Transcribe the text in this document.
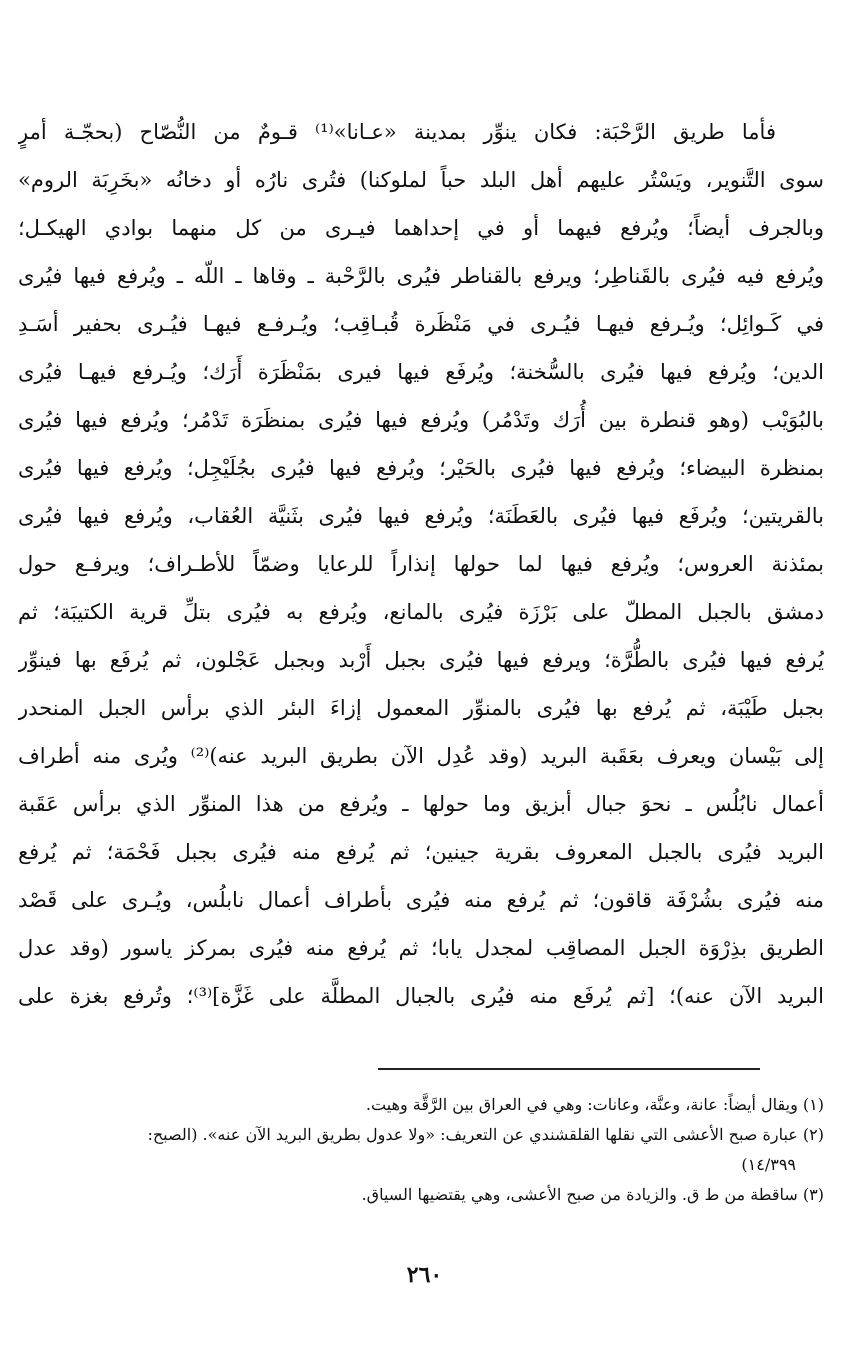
فأما طريق الرَّحْبَة: فكان ينوِّر بمدينة «عـانا»⁽¹⁾ قـومٌ من النُّصّاح (بحجّـة أمرٍ
سوى التَّنوير، ويَسْتُر عليهم أهل البلد حباً لملوكنا) فتُرى نارُه أو دخانُه «بخَرِبَة الروم»
وبالجرف أيضاً؛ ويُرفع فيهما أو في إحداهما فيـرى من كل منهما بوادي الهيكـل؛
ويُرفع فيه فيُرى بالقَناطِر؛ ويرفع بالقناطر فيُرى بالرَّحْبة ـ وقاها ـ اللّه ـ ويُرفع فيها فيُرى
في كَـوائِل؛ ويُـرفع فيهـا فيُـرى في مَنْظَرة قُبـاقِب؛ ويُـرفـع فيهـا فيُـرى بحفير أسَـدِ
الدين؛ ويُرفع فيها فيُرى بالسُّخنة؛ ويُرفَع فيها فيرى بمَنْظَرَة أَرَك؛ ويُـرفع فيهـا فيُرى
بالبُوَيْب (وهو قنطرة بين أُرَك وتَدْمُر) ويُرفع فيها فيُرى بمنظَرَة تَدْمُر؛ ويُرفع فيها فيُرى
بمنظرة البيضاء؛ ويُرفع فيها فيُرى بالحَيْر؛ ويُرفع فيها فيُرى بجُلَيْجِل؛ ويُرفع فيها فيُرى
بالقريتين؛ ويُرفَع فيها فيُرى بالعَطَنَة؛ ويُرفع فيها فيُرى بثَنيَّة العُقاب، ويُرفع فيها فيُرى
بمئذنة العروس؛ ويُرفع فيها لما حولها إنذاراً للرعايا وضمّاً للأطـراف؛ ويرفـع حول
دمشق بالجبل المطلّ على بَرْزَة فيُرى بالمانع، ويُرفع به فيُرى بتلِّ قرية الكتيبَة؛ ثم
يُرفع فيها فيُرى بالطُّرَّة؛ ويرفع فيها فيُرى بجبل أَرْبد وبجبل عَجْلون، ثم يُرفَع بها فينوِّر
بجبل طَيْبَة، ثم يُرفع بها فيُرى بالمنوِّر المعمول إزاءَ البئر الذي برأس الجبل المنحدر
إلى بَيْسان ويعرف بعَقَبة البريد (وقد عُدِل الآن بطريق البريد عنه)⁽²⁾ ويُرى منه أطراف
أعمال نابُلُس ـ نحوَ جبال أبزيق وما حولها ـ ويُرفع من هذا المنوِّر الذي برأس عَقَبة
البريد فيُرى بالجبل المعروف بقرية جينين؛ ثم يُرفع منه فيُرى بجبل فَحْمَة؛ ثم يُرفع
منه فيُرى بشُرْفَة قاقون؛ ثم يُرفع منه فيُرى بأطراف أعمال نابلُس، ويُـرى على قَصْد
الطريق بذِرْوَة الجبل المصاقِب لمجدل يابا؛ ثم يُرفع منه فيُرى بمركز ياسور (وقد عدل
البريد الآن عنه)؛ [ثم يُرفَع منه فيُرى بالجبال المطلَّة على غَزَّة]⁽³⁾؛ وتُرفع بغزة على
(١) ويقال أيضاً: عانة، وعنَّة، وعانات: وهي في العراق بين الرَّقَّة وهيت.
(٢) عبارة صبح الأعشى التي نقلها القلقشندي عن التعريف: «ولا عدول بطريق البريد الآن عنه». (الصبح:
١٤/٣٩٩)
(٣) ساقطة من ط ق. والزيادة من صبح الأعشى، وهي يقتضيها السياق.
٢٦٠
